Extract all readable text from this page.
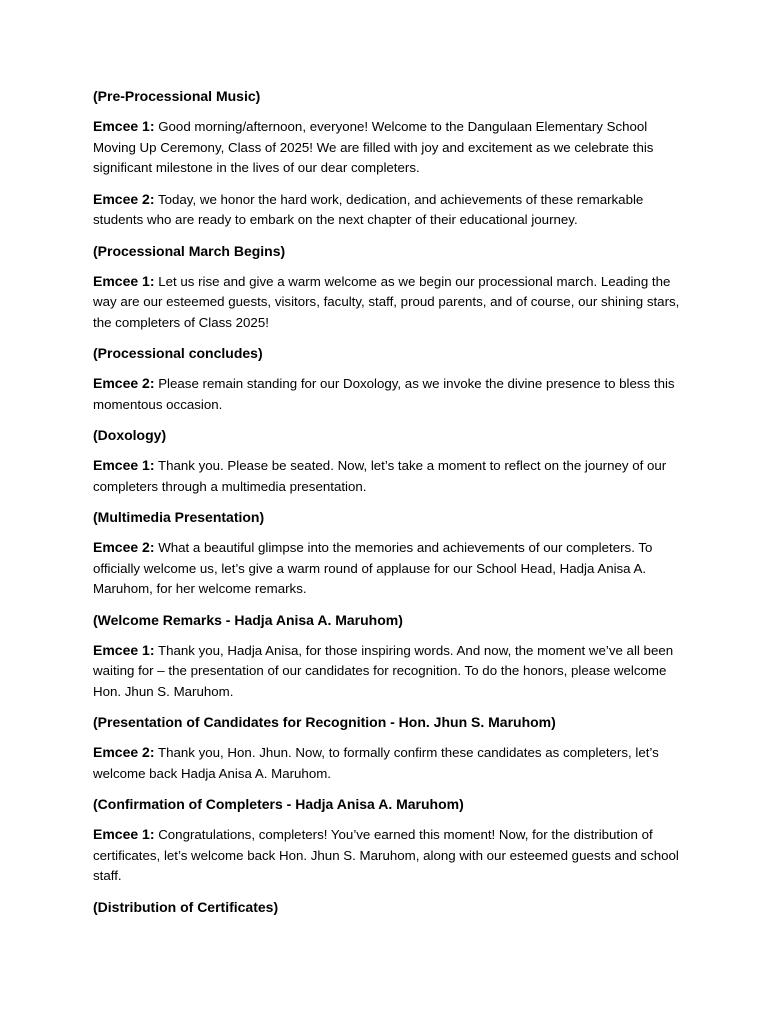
(Pre-Processional Music)
Emcee 1: Good morning/afternoon, everyone! Welcome to the Dangulaan Elementary School Moving Up Ceremony, Class of 2025! We are filled with joy and excitement as we celebrate this significant milestone in the lives of our dear completers.
Emcee 2: Today, we honor the hard work, dedication, and achievements of these remarkable students who are ready to embark on the next chapter of their educational journey.
(Processional March Begins)
Emcee 1: Let us rise and give a warm welcome as we begin our processional march. Leading the way are our esteemed guests, visitors, faculty, staff, proud parents, and of course, our shining stars, the completers of Class 2025!
(Processional concludes)
Emcee 2: Please remain standing for our Doxology, as we invoke the divine presence to bless this momentous occasion.
(Doxology)
Emcee 1: Thank you. Please be seated. Now, let’s take a moment to reflect on the journey of our completers through a multimedia presentation.
(Multimedia Presentation)
Emcee 2: What a beautiful glimpse into the memories and achievements of our completers. To officially welcome us, let’s give a warm round of applause for our School Head, Hadja Anisa A. Maruhom, for her welcome remarks.
(Welcome Remarks - Hadja Anisa A. Maruhom)
Emcee 1: Thank you, Hadja Anisa, for those inspiring words. And now, the moment we’ve all been waiting for – the presentation of our candidates for recognition. To do the honors, please welcome Hon. Jhun S. Maruhom.
(Presentation of Candidates for Recognition - Hon. Jhun S. Maruhom)
Emcee 2: Thank you, Hon. Jhun. Now, to formally confirm these candidates as completers, let’s welcome back Hadja Anisa A. Maruhom.
(Confirmation of Completers - Hadja Anisa A. Maruhom)
Emcee 1: Congratulations, completers! You’ve earned this moment! Now, for the distribution of certificates, let’s welcome back Hon. Jhun S. Maruhom, along with our esteemed guests and school staff.
(Distribution of Certificates)
